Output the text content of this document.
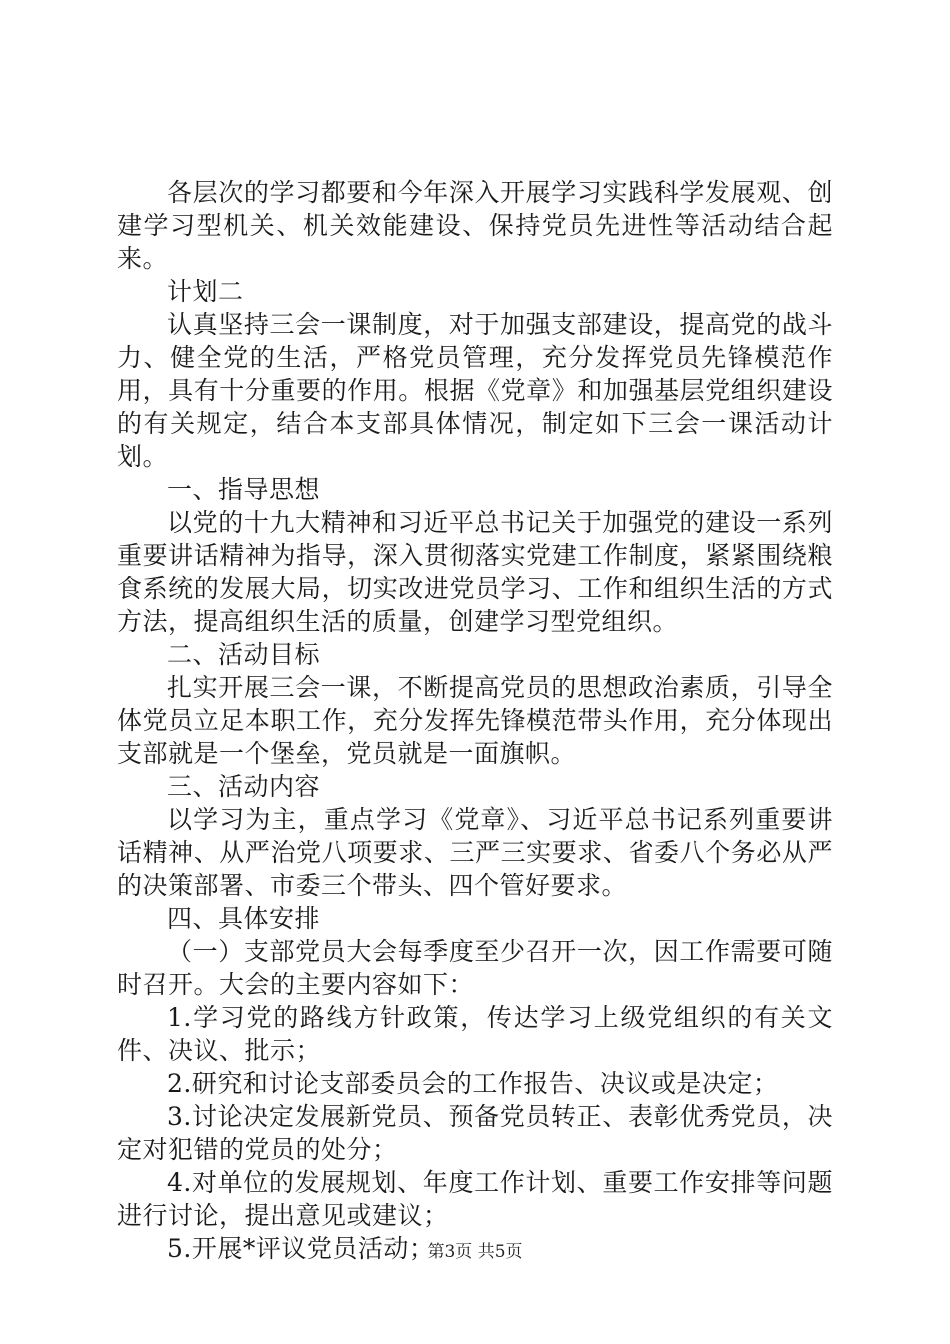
各层次的学习都要和今年深入开展学习实践科学发展观、创建学习型机关、机关效能建设、保持党员先进性等活动结合起来。

计划二

认真坚持三会一课制度，对于加强支部建设，提高党的战斗力、健全党的生活，严格党员管理，充分发挥党员先锋模范作用，具有十分重要的作用。根据《党章》和加强基层党组织建设的有关规定，结合本支部具体情况，制定如下三会一课活动计划。

一、指导思想

以党的十九大精神和习近平总书记关于加强党的建设一系列重要讲话精神为指导，深入贯彻落实党建工作制度，紧紧围绕粮食系统的发展大局，切实改进党员学习、工作和组织生活的方式方法，提高组织生活的质量，创建学习型党组织。

二、活动目标

扎实开展三会一课，不断提高党员的思想政治素质，引导全体党员立足本职工作，充分发挥先锋模范带头作用，充分体现出支部就是一个堡垒，党员就是一面旗帜。

三、活动内容

以学习为主，重点学习《党章》、习近平总书记系列重要讲话精神、从严治党八项要求、三严三实要求、省委八个务必从严的决策部署、市委三个带头、四个管好要求。

四、具体安排

（一）支部党员大会每季度至少召开一次，因工作需要可随时召开。大会的主要内容如下：

1.学习党的路线方针政策，传达学习上级党组织的有关文件、决议、批示；

2.研究和讨论支部委员会的工作报告、决议或是决定；

3.讨论决定发展新党员、预备党员转正、表彰优秀党员，决定对犯错的党员的处分；

4.对单位的发展规划、年度工作计划、重要工作安排等问题进行讨论，提出意见或建议；

5.开展*评议党员活动；

第3页 共5页
